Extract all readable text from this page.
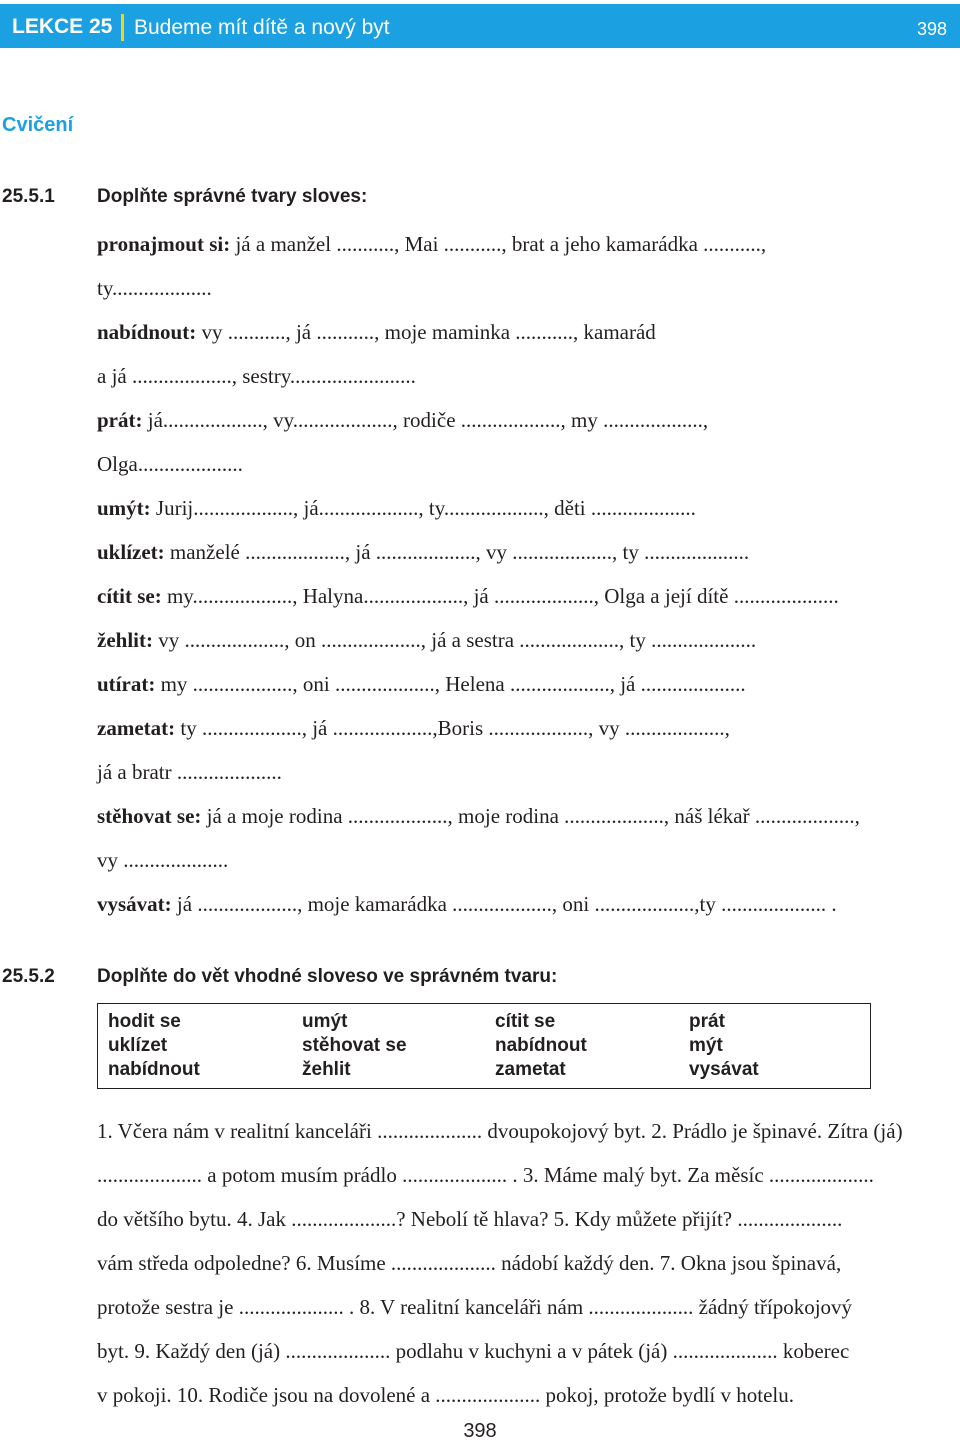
LEKCE 25 Budeme mít dítě a nový byt	398
Cvičení
25.5.1 Doplňte správné tvary sloves:
pronajmout si: já a manžel ..........., Mai ..........., brat a jeho kamarádka ...........,
ty...................
nabídnout: vy ..........., já ..........., moje maminka ..........., kamarád
a já ..................., sestry........................
prát: já..................., vy..................., rodiče ..................., my ...................,
Olga....................
umýt: Jurij..................., já..................., ty..................., děti ....................
uklízet: manželé ..................., já ..................., vy ..................., ty ....................
cítit se: my..................., Halyna..................., já ..................., Olga a její dítě ....................
žehlit: vy ..................., on ..................., já a sestra ..................., ty ....................
utírat: my ..................., oni ..................., Helena ..................., já ....................
zametat: ty ..................., já ...................,Boris ..................., vy ...................,
já a bratr ....................
stěhovat se: já a moje rodina ..................., moje rodina ..................., náš lékař ...................,
vy ....................
vysávat: já ..................., moje kamarádka ..................., oni ...................,ty .................... .
25.5.2 Doplňte do vět vhodné sloveso ve správném tvaru:
hodit se	umýt	cítit se	prát
uklízet	stěhovat se	nabídnout	mýt
nabídnout	žehlit	zametat	vysávat
1. Včera nám v realitní kanceláři .................... dvoupokojový byt. 2. Prádlo je špinavé. Zítra (já)
.................... a potom musím prádlo .................... . 3. Máme malý byt. Za měsíc ....................
do většího bytu. 4. Jak ....................? Nebolí tě hlava? 5. Kdy můžete přijít? ....................
vám středa odpoledne? 6. Musíme .................... nádobí každý den. 7. Okna jsou špinavá,
protože sestra je .................... . 8. V realitní kanceláři nám .................... žádný třípokojový
byt. 9. Každý den (já) .................... podlahu v kuchyni a v pátek (já) .................... koberec
v pokoji. 10. Rodiče jsou na dovolené a .................... pokoj, protože bydlí v hotelu.
398
